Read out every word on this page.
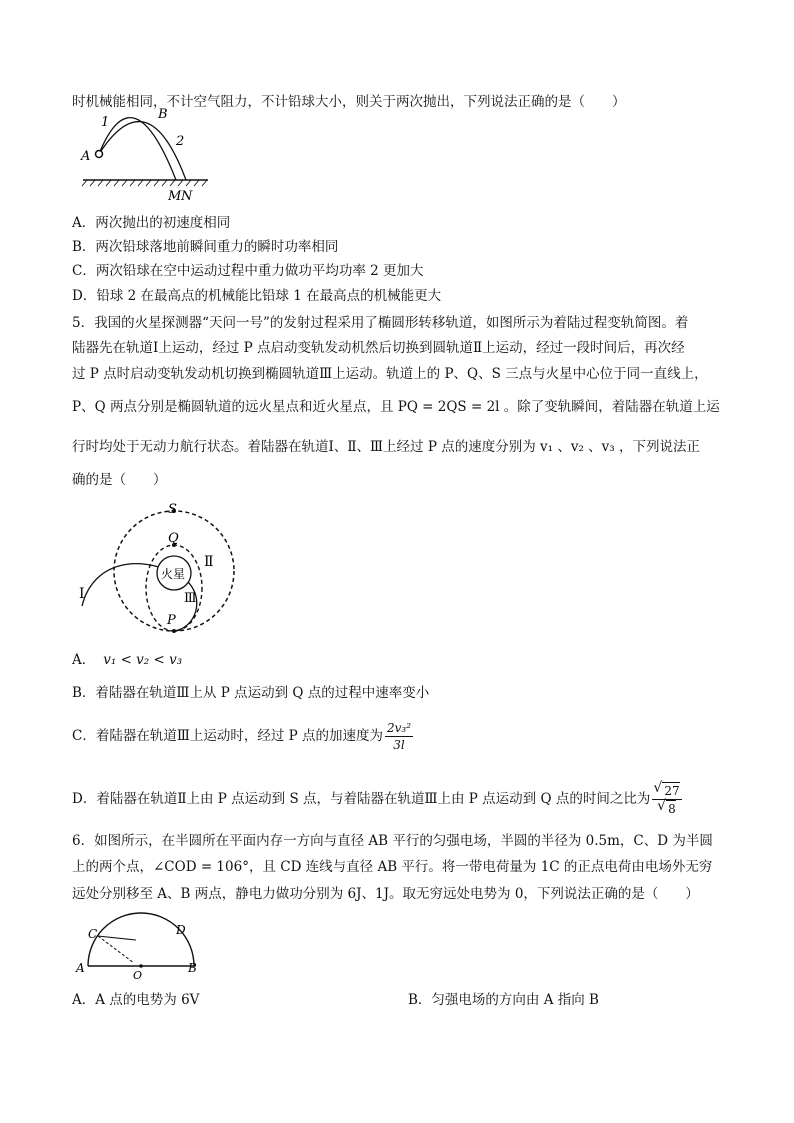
时机械能相同，不计空气阻力，不计铅球大小，则关于两次抛出，下列说法正确的是（　　）
1
B
2
A
M N
A．两次抛出的初速度相同
B．两次铅球落地前瞬间重力的瞬时功率相同
C．两次铅球在空中运动过程中重力做功平均功率 2 更加大
D．铅球 2 在最高点的机械能比铅球 1 在最高点的机械能更大
5．我国的火星探测器“天问一号”的发射过程采用了椭圆形转移轨道，如图所示为着陆过程变轨简图。着
陆器先在轨道Ⅰ上运动，经过 P 点启动变轨发动机然后切换到圆轨道Ⅱ上运动，经过一段时间后，再次经
过 P 点时启动变轨发动机切换到椭圆轨道Ⅲ上运动。轨道上的 P、Q、S 三点与火星中心位于同一直线上，
P、Q 两点分别是椭圆轨道的远火星点和近火星点，且 PQ = 2QS = 2l 。除了变轨瞬间，着陆器在轨道上运
行时均处于无动力航行状态。着陆器在轨道Ⅰ、Ⅱ、Ⅲ上经过 P 点的速度分别为 v₁ 、v₂ 、v₃ ，下列说法正
确的是（　　）
S
Q
火星
Ⅱ
Ⅲ
Ⅰ
P
A． v₁ < v₂ < v₃
B．着陆器在轨道Ⅲ上从 P 点运动到 Q 点的过程中速率变小
C．着陆器在轨道Ⅲ上运动时，经过 P 点的加速度为 $\frac{\text{2v₃²}}{3l}$
D．着陆器在轨道Ⅱ上由 P 点运动到 S 点，与着陆器在轨道Ⅲ上由 P 点运动到 Q 点的时间之比为
√ 27
√ 8
6．如图所示，在半圆所在平面内存一方向与直径 AB 平行的匀强电场，半圆的半径为 0.5m，C、D 为半圆
上的两个点，∠COD = 106°，且 CD 连线与直径 AB 平行。将一带电荷量为 1C 的正点电荷由电场外无穷
远处分别移至 A、B 两点，静电力做功分别为 6J、1J。取无穷远处电势为 0，下列说法正确的是（　　）
C	D
A	B
O
A．A 点的电势为 6V	B．匀强电场的方向由 A 指向 B
